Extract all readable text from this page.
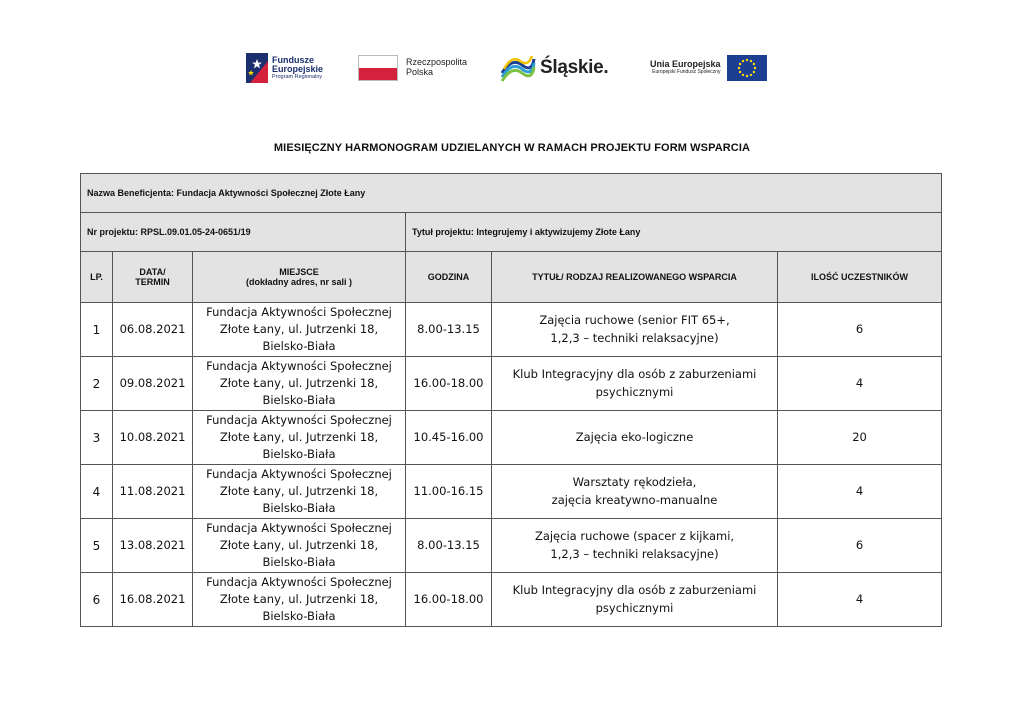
Fundusze
Europejskie
Program Regionalny
Rzeczpospolita
Polska	Śląskie.	Unia Europejska
Europejski Fundusz Społeczny
MIESIĘCZNY HARMONOGRAM UDZIELANYCH W RAMACH PROJEKTU FORM WSPARCIA
Nazwa Beneficjenta: Fundacja Aktywności Społecznej Złote Łany					
Nr projektu: RPSL.09.01.05-24-0651/19			Tytuł projektu: Integrujemy i aktywizujemy Złote Łany		
LP.	DATA/
TERMIN	MIEJSCE
(dokładny adres, nr sali )	GODZINA	TYTUŁ/ RODZAJ REALIZOWANEGO WSPARCIA	ILOŚĆ UCZESTNIKÓW
1	06.08.2021	Fundacja Aktywności Społecznej
Złote Łany, ul. Jutrzenki 18,
Bielsko-Biała	8.00-13.15	Zajęcia ruchowe (senior FIT 65+,
1,2,3 – techniki relaksacyjne)	6
2	09.08.2021	Fundacja Aktywności Społecznej
Złote Łany, ul. Jutrzenki 18,
Bielsko-Biała	16.00-18.00	Klub Integracyjny dla osób z zaburzeniami
psychicznymi	4
3	10.08.2021	Fundacja Aktywności Społecznej
Złote Łany, ul. Jutrzenki 18,
Bielsko-Biała	10.45-16.00	Zajęcia eko-logiczne	20
4	11.08.2021	Fundacja Aktywności Społecznej
Złote Łany, ul. Jutrzenki 18,
Bielsko-Biała	11.00-16.15	Warsztaty rękodzieła,
zajęcia kreatywno-manualne	4
5	13.08.2021	Fundacja Aktywności Społecznej
Złote Łany, ul. Jutrzenki 18,
Bielsko-Biała	8.00-13.15	Zajęcia ruchowe (spacer z kijkami,
1,2,3 – techniki relaksacyjne)	6
6	16.08.2021	Fundacja Aktywności Społecznej
Złote Łany, ul. Jutrzenki 18,
Bielsko-Biała	16.00-18.00	Klub Integracyjny dla osób z zaburzeniami
psychicznymi	4
